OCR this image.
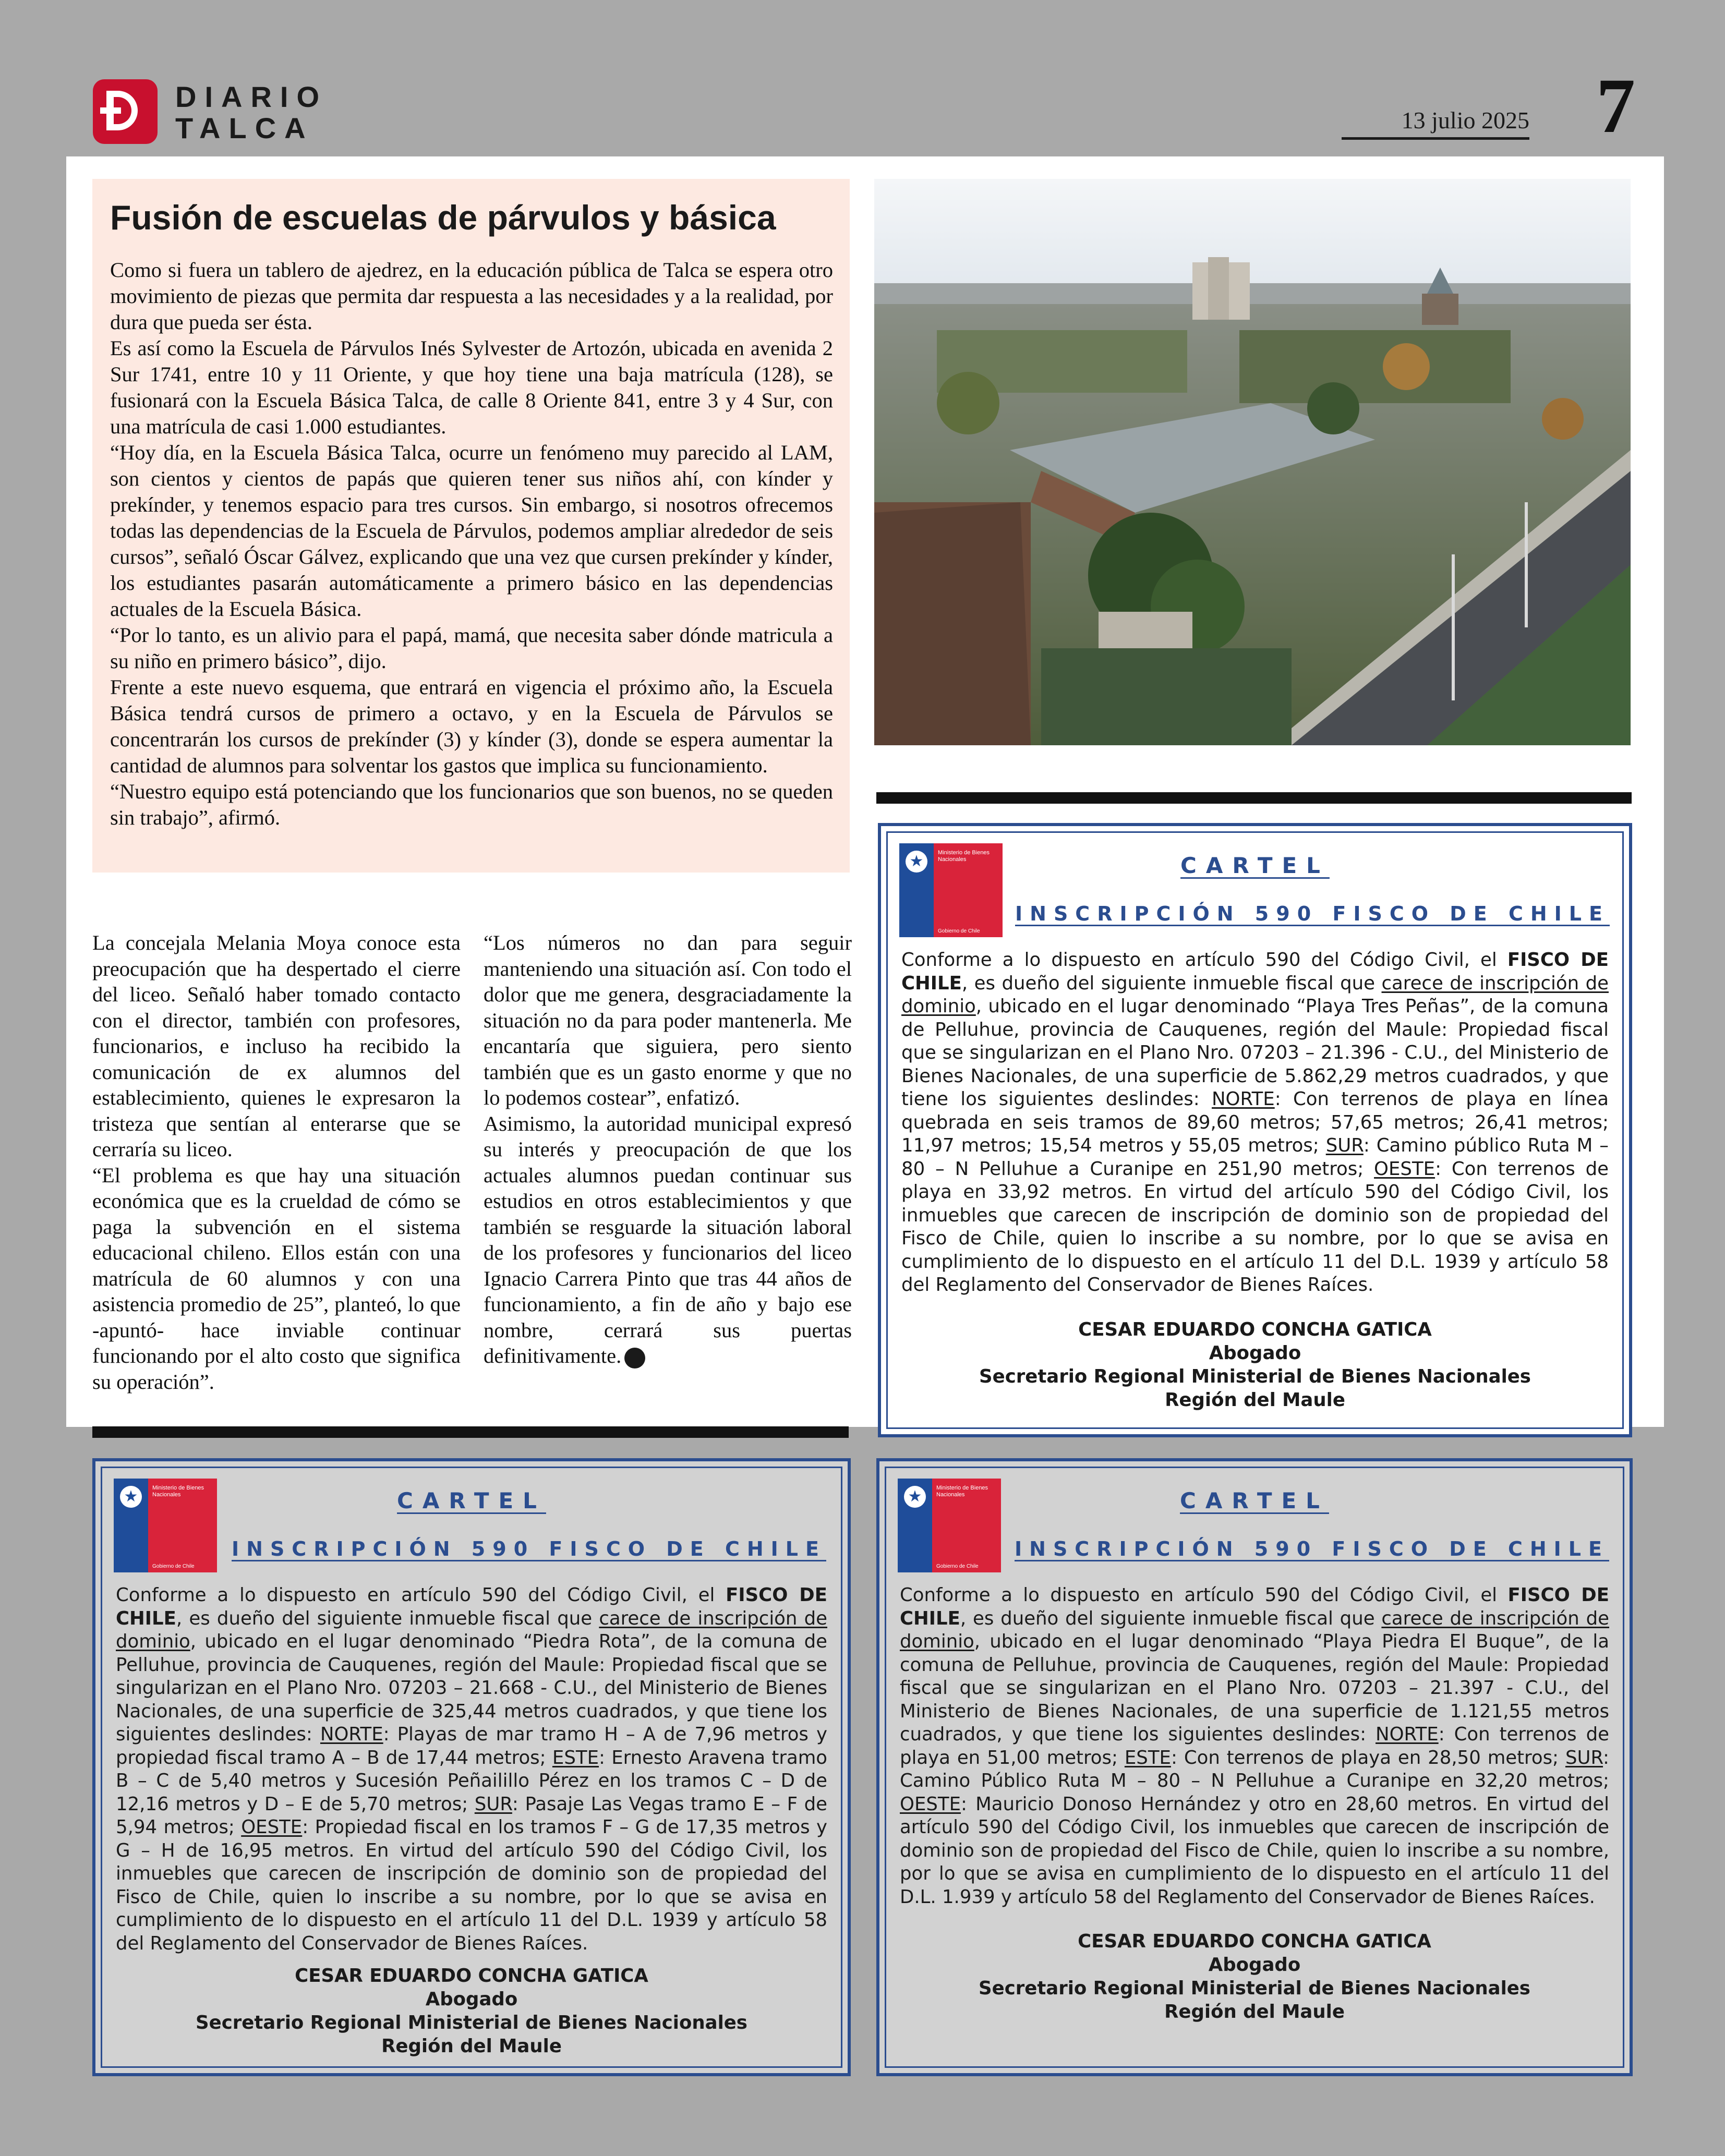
DIARIO
TALCA	13 julio 2025 7
Fusión de escuelas de párvulos y básica

Como si fuera un tablero de ajedrez, en la educación pública de Talca se espera otro movimiento de piezas que permita dar respuesta a las necesidades y a la realidad, por dura que pueda ser ésta.

Es así como la Escuela de Párvulos Inés Sylvester de Artozón, ubicada en avenida 2 Sur 1741, entre 10 y 11 Oriente, y que hoy tiene una baja matrícula (128), se fusionará con la Escuela Básica Talca, de calle 8 Oriente 841, entre 3 y 4 Sur, con una matrícula de casi 1.000 estudiantes.

“Hoy día, en la Escuela Básica Talca, ocurre un fenómeno muy parecido al LAM, son cientos y cientos de papás que quieren tener sus niños ahí, con kínder y prekínder, y tenemos espacio para tres cursos. Sin embargo, si nosotros ofrecemos todas las dependencias de la Escuela de Párvulos, podemos ampliar alrededor de seis cursos”, señaló Óscar Gálvez, explicando que una vez que cursen prekínder y kínder, los estudiantes pasarán automáticamente a primero básico en las dependencias actuales de la Escuela Básica.

“Por lo tanto, es un alivio para el papá, mamá, que necesita saber dónde matricula a su niño en primero básico”, dijo.

Frente a este nuevo esquema, que entrará en vigencia el próximo año, la Escuela Básica tendrá cursos de primero a octavo, y en la Escuela de Párvulos se concentrarán los cursos de prekínder (3) y kínder (3), donde se espera aumentar la cantidad de alumnos para solventar los gastos que implica su funcionamiento.

“Nuestro equipo está potenciando que los funcionarios que son buenos, no se queden sin trabajo”, afirmó.

La concejala Melania Moya conoce esta preocupación que ha despertado el cierre del liceo. Señaló haber tomado contacto con el director, también con profesores, funcionarios, e incluso ha recibido la comunicación de ex alumnos del establecimiento, quienes le expresaron la tristeza que sentían al enterarse que se cerraría su liceo.

“El problema es que hay una situación económica que es la crueldad de cómo se paga la subvención en el sistema educacional chileno. Ellos están con una matrícula de 60 alumnos y con una asistencia promedio de 25”, planteó, lo que -apuntó- hace inviable continuar funcionando por el alto costo que significa su operación”.

“Los números no dan para seguir manteniendo una situación así. Con todo el dolor que me genera, desgraciadamente la situación no da para poder mantenerla. Me encantaría que siguiera, pero siento también que es un gasto enorme y que no lo podemos costear”, enfatizó.

Asimismo, la autoridad municipal expresó su interés y preocupación de que los actuales alumnos puedan continuar sus estudios en otros establecimientos y que también se resguarde la situación laboral de los profesores y funcionarios del liceo Ignacio Carrera Pinto que tras 44 años de funcionamiento, a fin de año y bajo ese nombre, cerrará sus puertas definitivamente.

★	Ministerio de Bienes Nacionales
Gobierno de Chile
CARTEL
INSCRIPCIÓN 590 FISCO DE CHILE
Conforme a lo dispuesto en artículo 590 del Código Civil, el FISCO DE CHILE, es dueño del siguiente inmueble fiscal que carece de inscripción de dominio, ubicado en el lugar denominado “Playa Tres Peñas”, de la comuna de Pelluhue, provincia de Cauquenes, región del Maule: Propiedad fiscal que se singularizan en el Plano Nro. 07203 – 21.396 - C.U., del Ministerio de Bienes Nacionales, de una superficie de 5.862,29 metros cuadrados, y que tiene los siguientes deslindes: NORTE: Con terrenos de playa en línea quebrada en seis tramos de 89,60 metros; 57,65 metros; 26,41 metros; 11,97 metros; 15,54 metros y 55,05 metros; SUR: Camino público Ruta M – 80 – N Pelluhue a Curanipe en 251,90 metros; OESTE: Con terrenos de playa en 33,92 metros. En virtud del artículo 590 del Código Civil, los inmuebles que carecen de inscripción de dominio son de propiedad del Fisco de Chile, quien lo inscribe a su nombre, por lo que se avisa en cumplimiento de lo dispuesto en el artículo 11 del D.L. 1939 y artículo 58 del Reglamento del Conservador de Bienes Raíces.
CESAR EDUARDO CONCHA GATICA
Abogado
Secretario Regional Ministerial de Bienes Nacionales
Región del Maule
★	Ministerio de Bienes Nacionales
Gobierno de Chile
CARTEL
INSCRIPCIÓN 590 FISCO DE CHILE
Conforme a lo dispuesto en artículo 590 del Código Civil, el FISCO DE CHILE, es dueño del siguiente inmueble fiscal que carece de inscripción de dominio, ubicado en el lugar denominado “Piedra Rota”, de la comuna de Pelluhue, provincia de Cauquenes, región del Maule: Propiedad fiscal que se singularizan en el Plano Nro. 07203 – 21.668 - C.U., del Ministerio de Bienes Nacionales, de una superficie de 325,44 metros cuadrados, y que tiene los siguientes deslindes: NORTE: Playas de mar tramo H – A de 7,96 metros y propiedad fiscal tramo A – B de 17,44 metros; ESTE: Ernesto Aravena tramo B – C de 5,40 metros y Sucesión Peñailillo Pérez en los tramos C – D de 12,16 metros y D – E de 5,70 metros; SUR: Pasaje Las Vegas tramo E – F de 5,94 metros; OESTE: Propiedad fiscal en los tramos F – G de 17,35 metros y G – H de 16,95 metros. En virtud del artículo 590 del Código Civil, los inmuebles que carecen de inscripción de dominio son de propiedad del Fisco de Chile, quien lo inscribe a su nombre, por lo que se avisa en cumplimiento de lo dispuesto en el artículo 11 del D.L. 1939 y artículo 58 del Reglamento del Conservador de Bienes Raíces.
CESAR EDUARDO CONCHA GATICA
Abogado
Secretario Regional Ministerial de Bienes Nacionales
Región del Maule
★	Ministerio de Bienes Nacionales
Gobierno de Chile
CARTEL
INSCRIPCIÓN 590 FISCO DE CHILE
Conforme a lo dispuesto en artículo 590 del Código Civil, el FISCO DE CHILE, es dueño del siguiente inmueble fiscal que carece de inscripción de dominio, ubicado en el lugar denominado “Playa Piedra El Buque”, de la comuna de Pelluhue, provincia de Cauquenes, región del Maule: Propiedad fiscal que se singularizan en el Plano Nro. 07203 – 21.397 - C.U., del Ministerio de Bienes Nacionales, de una superficie de 1.121,55 metros cuadrados, y que tiene los siguientes deslindes: NORTE: Con terrenos de playa en 51,00 metros; ESTE: Con terrenos de playa en 28,50 metros; SUR: Camino Público Ruta M – 80 – N Pelluhue a Curanipe en 32,20 metros; OESTE: Mauricio Donoso Hernández y otro en 28,60 metros. En virtud del artículo 590 del Código Civil, los inmuebles que carecen de inscripción de dominio son de propiedad del Fisco de Chile, quien lo inscribe a su nombre, por lo que se avisa en cumplimiento de lo dispuesto en el artículo 11 del D.L. 1.939 y artículo 58 del Reglamento del Conservador de Bienes Raíces.
CESAR EDUARDO CONCHA GATICA
Abogado
Secretario Regional Ministerial de Bienes Nacionales
Región del Maule
